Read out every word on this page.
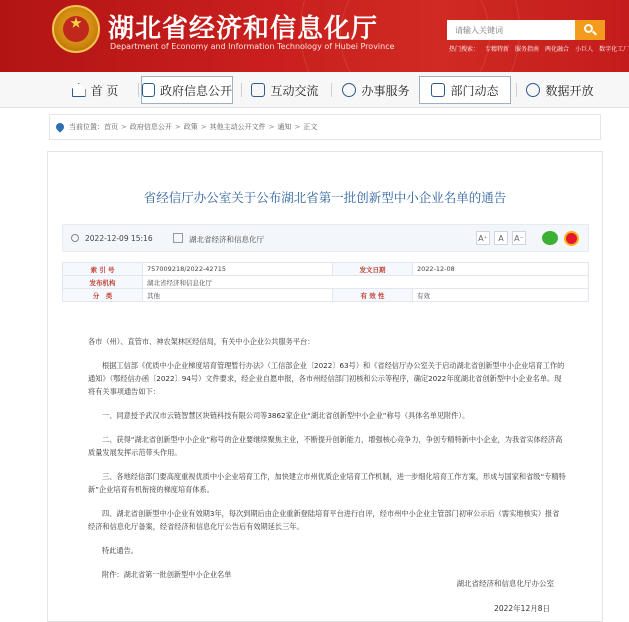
湖北省经济和信息化厅
Department of Economy and Information Technology of Hubei Province
请输入关键词	热门搜索： 专精特新 服务指南 两化融合 小巨人 数字化工厂
首 页	政府信息公开	互动交流	办事服务	部门动态	数据开放
当前位置： 首页 > 政府信息公开 > 政策 > 其他主动公开文件 > 通知 > 正文
省经信厅办公室关于公布湖北省第一批创新型中小企业名单的通告
2022-12-09 15:16	湖北省经济和信息化厅	A⁺	A	A⁻
索 引 号	757009218/2022-42715	发文日期	2022-12-08
发布机构	湖北省经济和信息化厅		
分　类	其他	有 效 性	有效

各市（州）、直管市、神农架林区经信局，有关中小企业公共服务平台：

根据工信部《优质中小企业梯度培育管理暂行办法》（工信部企业〔2022〕63号）和《省经信厅办公室关于启动湖北省创新型中小企业培育工作的通知》（鄂经信办函〔2022〕94号）文件要求，经企业自愿申报，各市州经信部门初核和公示等程序，确定2022年度湖北省创新型中小企业名单。现将有关事项通告如下：

一、同意授予武汉市云链智慧区块链科技有限公司等3862家企业“湖北省创新型中小企业”称号（具体名单见附件）。

二、获得“湖北省创新型中小企业”称号的企业要继续聚焦主业，不断提升创新能力，增强核心竞争力，争创专精特新中小企业，为我省实体经济高质量发展发挥示范带头作用。

三、各地经信部门要高度重视优质中小企业培育工作，加快建立市州优质企业培育工作机制，进一步细化培育工作方案，形成与国家和省级“专精特新”企业培育有机衔接的梯度培育体系。

四、湖北省创新型中小企业有效期3年，每次到期后由企业重新登陆培育平台进行自评，经市州中小企业主管部门初审公示后（需实地核实）报省经济和信息化厅备案，经省经济和信息化厅公告后有效期延长三年。

特此通告。

附件：湖北省第一批创新型中小企业名单

湖北省经济和信息化厅办公室
2022年12月8日
